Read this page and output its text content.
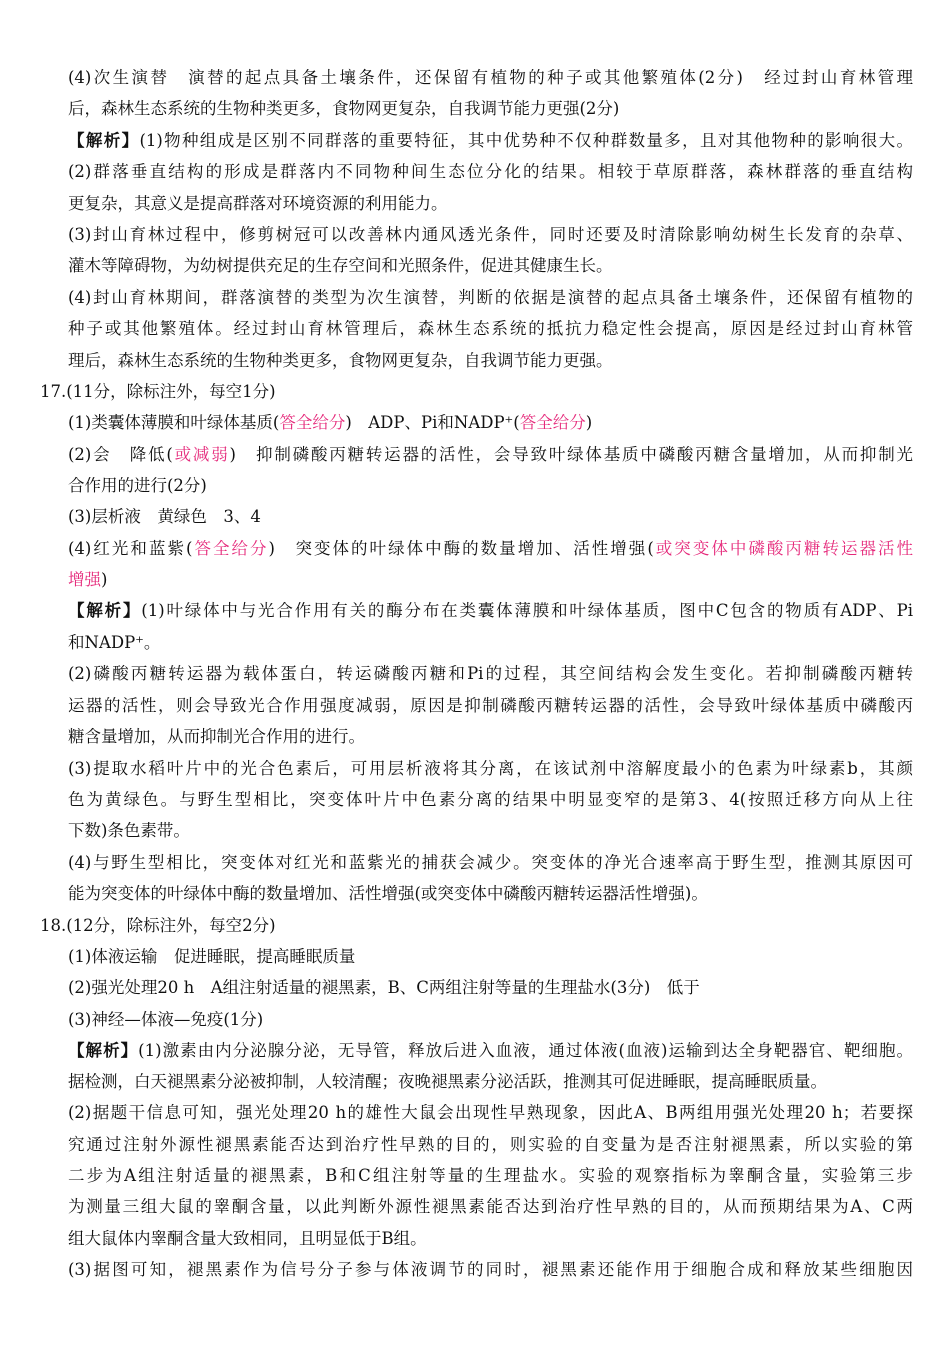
(4)次生演替　演替的起点具备土壤条件，还保留有植物的种子或其他繁殖体(2分)　经过封山育林管理
后，森林生态系统的生物种类更多，食物网更复杂，自我调节能力更强(2分)
【解析】(1)物种组成是区别不同群落的重要特征，其中优势种不仅种群数量多，且对其他物种的影响很大。
(2)群落垂直结构的形成是群落内不同物种间生态位分化的结果。相较于草原群落，森林群落的垂直结构
更复杂，其意义是提高群落对环境资源的利用能力。
(3)封山育林过程中，修剪树冠可以改善林内通风透光条件，同时还要及时清除影响幼树生长发育的杂草、
灌木等障碍物，为幼树提供充足的生存空间和光照条件，促进其健康生长。
(4)封山育林期间，群落演替的类型为次生演替，判断的依据是演替的起点具备土壤条件，还保留有植物的
种子或其他繁殖体。经过封山育林管理后，森林生态系统的抵抗力稳定性会提高，原因是经过封山育林管
理后，森林生态系统的生物种类更多，食物网更复杂，自我调节能力更强。
17.(11分，除标注外，每空1分)
(1)类囊体薄膜和叶绿体基质(答全给分)　ADP、Pi和NADP⁺(答全给分)
(2)会　降低(或减弱)　抑制磷酸丙糖转运器的活性，会导致叶绿体基质中磷酸丙糖含量增加，从而抑制光
合作用的进行(2分)
(3)层析液　黄绿色　3、4
(4)红光和蓝紫(答全给分)　突变体的叶绿体中酶的数量增加、活性增强(或突变体中磷酸丙糖转运器活性
增强)
【解析】(1)叶绿体中与光合作用有关的酶分布在类囊体薄膜和叶绿体基质，图中C包含的物质有ADP、Pi
和NADP⁺。
(2)磷酸丙糖转运器为载体蛋白，转运磷酸丙糖和Pi的过程，其空间结构会发生变化。若抑制磷酸丙糖转
运器的活性，则会导致光合作用强度减弱，原因是抑制磷酸丙糖转运器的活性，会导致叶绿体基质中磷酸丙
糖含量增加，从而抑制光合作用的进行。
(3)提取水稻叶片中的光合色素后，可用层析液将其分离，在该试剂中溶解度最小的色素为叶绿素b，其颜
色为黄绿色。与野生型相比，突变体叶片中色素分离的结果中明显变窄的是第3、4(按照迁移方向从上往
下数)条色素带。
(4)与野生型相比，突变体对红光和蓝紫光的捕获会减少。突变体的净光合速率高于野生型，推测其原因可
能为突变体的叶绿体中酶的数量增加、活性增强(或突变体中磷酸丙糖转运器活性增强)。
18.(12分，除标注外，每空2分)
(1)体液运输　促进睡眠，提高睡眠质量
(2)强光处理20 h　A组注射适量的褪黑素，B、C两组注射等量的生理盐水(3分)　低于
(3)神经—体液—免疫(1分)
【解析】(1)激素由内分泌腺分泌，无导管，释放后进入血液，通过体液(血液)运输到达全身靶器官、靶细胞。
据检测，白天褪黑素分泌被抑制，人较清醒；夜晚褪黑素分泌活跃，推测其可促进睡眠，提高睡眠质量。
(2)据题干信息可知，强光处理20 h的雄性大鼠会出现性早熟现象，因此A、B两组用强光处理20 h；若要探
究通过注射外源性褪黑素能否达到治疗性早熟的目的，则实验的自变量为是否注射褪黑素，所以实验的第
二步为A组注射适量的褪黑素，B和C组注射等量的生理盐水。实验的观察指标为睾酮含量，实验第三步
为测量三组大鼠的睾酮含量，以此判断外源性褪黑素能否达到治疗性早熟的目的，从而预期结果为A、C两
组大鼠体内睾酮含量大致相同，且明显低于B组。
(3)据图可知，褪黑素作为信号分子参与体液调节的同时，褪黑素还能作用于细胞合成和释放某些细胞因
